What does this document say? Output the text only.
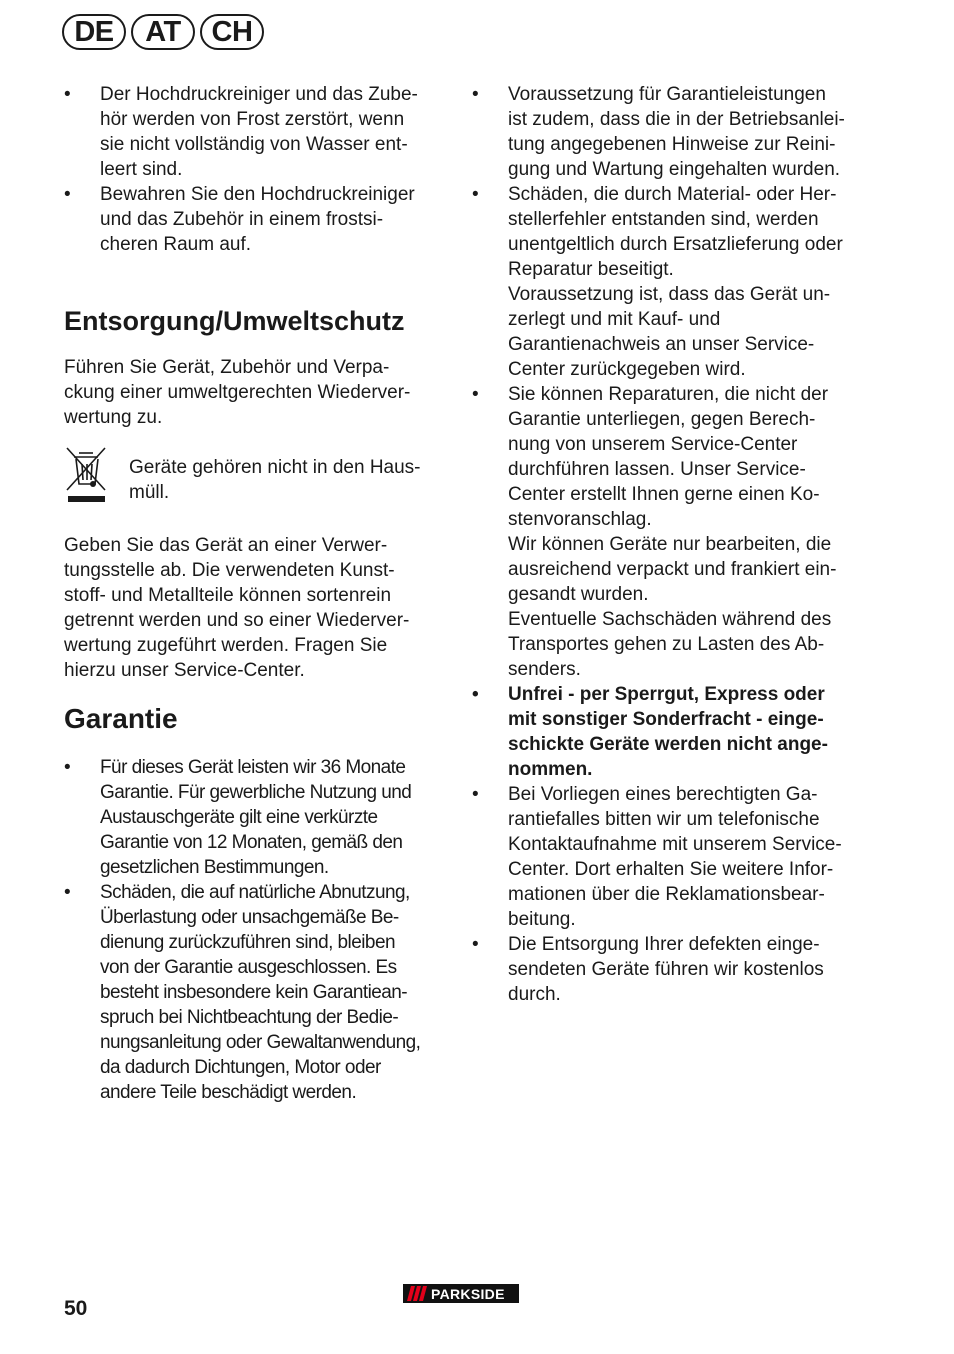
DE	AT	CH
• Der Hochdruckreiniger und das Zube-
hör werden von Frost zerstört, wenn
sie nicht vollständig von Wasser ent-
leert sind.
• Bewahren Sie den Hochdruckreiniger
und das Zubehör in einem frostsi-
cheren Raum auf.
Entsorgung/Umweltschutz

Führen Sie Gerät, Zubehör und Verpa-
ckung einer umweltgerechten Wiederver-
wertung zu.

Geräte gehören nicht in den Haus-
müll.

Geben Sie das Gerät an einer Verwer-
tungsstelle ab. Die verwendeten Kunst-
stoff- und Metallteile können sortenrein
getrennt werden und so einer Wiederver-
wertung zugeführt werden. Fragen Sie
hierzu unser Service-Center.

Garantie
• Für dieses Gerät leisten wir 36 Monate
Garantie. Für gewerbliche Nutzung und
Austauschgeräte gilt eine verkürzte
Garantie von 12 Monaten, gemäß den
gesetzlichen Bestimmungen.
• Schäden, die auf natürliche Abnutzung,
Überlastung oder unsachgemäße Be-
dienung zurückzuführen sind, bleiben
von der Garantie ausgeschlossen. Es
besteht insbesondere kein Garantiean-
spruch bei Nichtbeachtung der Bedie-
nungsanleitung oder Gewaltanwendung,
da dadurch Dichtungen, Motor oder
andere Teile beschädigt werden.
• Voraussetzung für Garantieleistungen
ist zudem, dass die in der Betriebsanlei-
tung angegebenen Hinweise zur Reini-
gung und Wartung eingehalten wurden.
• Schäden, die durch Material- oder Her-
stellerfehler entstanden sind, werden
unentgeltlich durch Ersatzlieferung oder
Reparatur beseitigt.
Voraussetzung ist, dass das Gerät un-
zerlegt und mit Kauf- und
Garantienachweis an unser Service-
Center zurückgegeben wird.
• Sie können Reparaturen, die nicht der
Garantie unterliegen, gegen Berech-
nung von unserem Service-Center
durchführen lassen. Unser Service-
Center erstellt Ihnen gerne einen Ko-
stenvoranschlag.
Wir können Geräte nur bearbeiten, die
ausreichend verpackt und frankiert ein-
gesandt wurden.
Eventuelle Sachschäden während des
Transportes gehen zu Lasten des Ab-
senders.
• Unfrei - per Sperrgut, Express oder
mit sonstiger Sonderfracht - einge-
schickte Geräte werden nicht ange-
nommen.
• Bei Vorliegen eines berechtigten Ga-
rantiefalles bitten wir um telefonische
Kontaktaufnahme mit unserem Service-
Center. Dort erhalten Sie weitere Infor-
mationen über die Reklamationsbear-
beitung.
• Die Entsorgung Ihrer defekten einge-
sendeten Geräte führen wir kostenlos
durch.
50
PARKSIDE
